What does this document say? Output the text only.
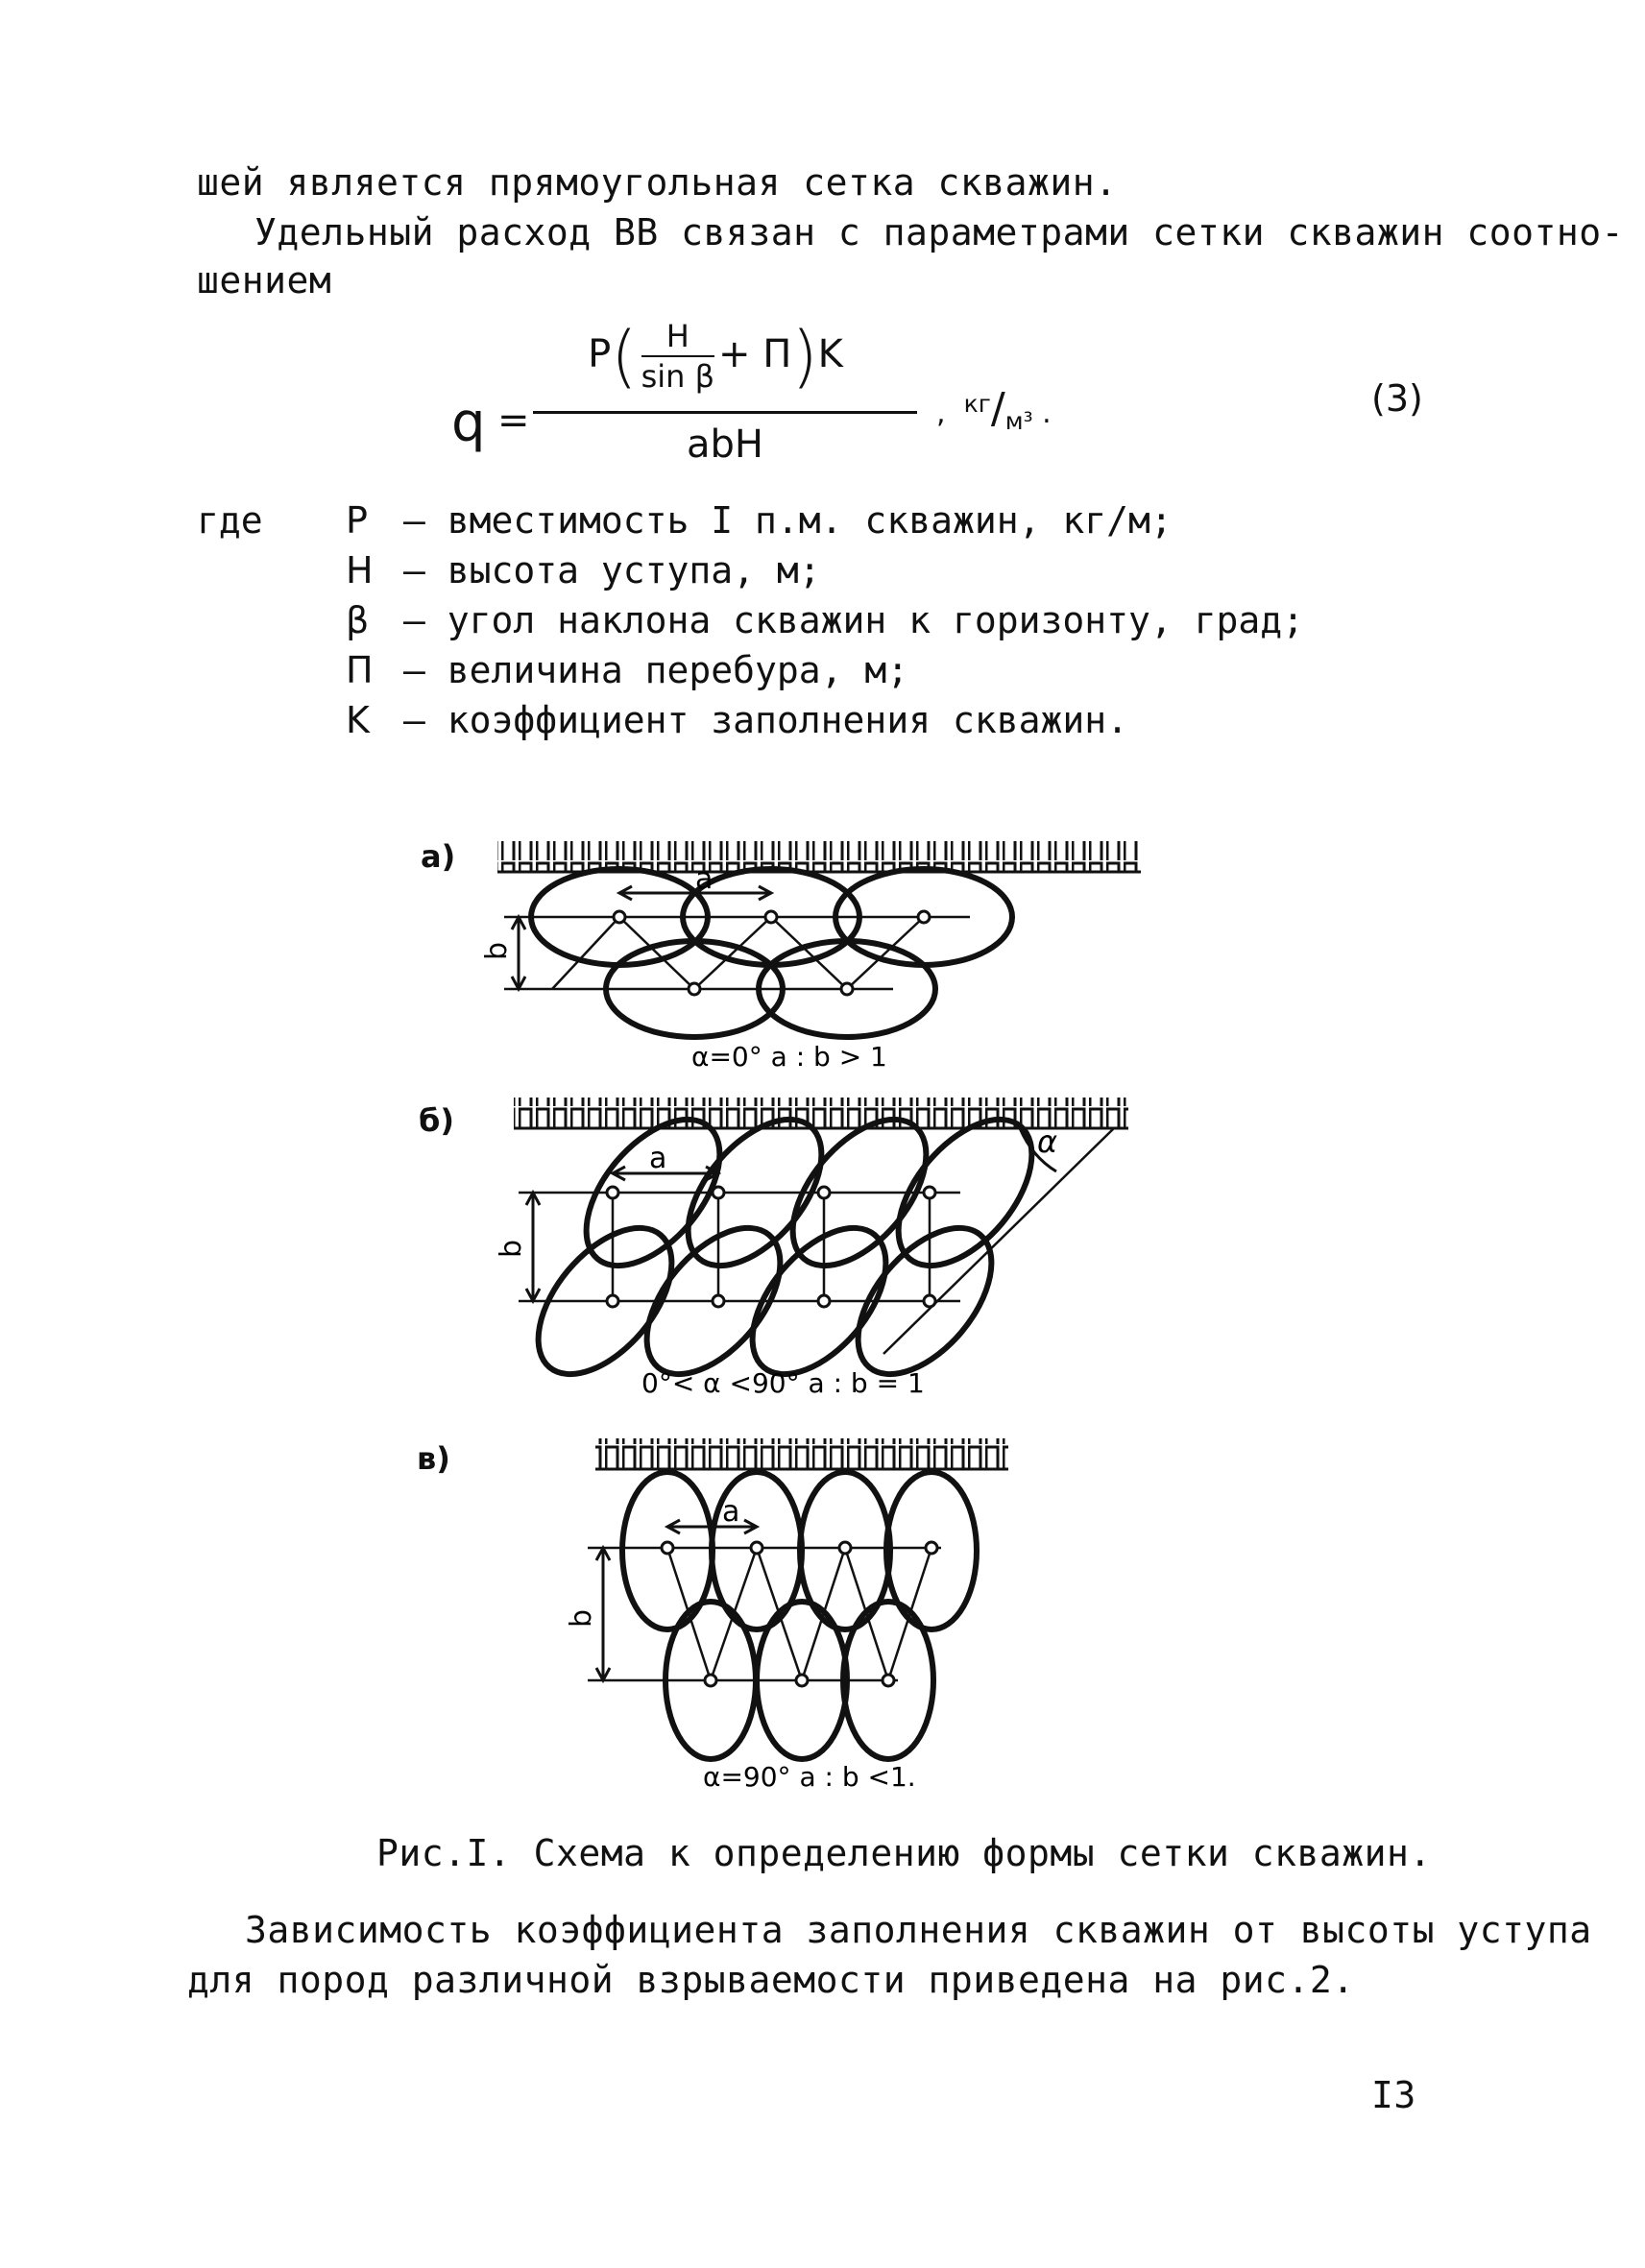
шей является прямоугольная сетка скважин.
Удельный расход ВВ связан с параметрами сетки скважин соотно-
шением
q =
$P( \frac{H}{\text{sin β}} + П)K$
abH
, $^{кг}/_{м^3}$ .	(3)
где P – вместимость I п.м. скважин, кг/м;
H – высота уступа, м;
β – угол наклона скважин к горизонту, град;
П – величина перебура, м;
K – коэффициент заполнения скважин.
а)
б)
в)
a
b
α=0° a : b > 1
a
b
α
0°< α <90° a : b = 1
a
b
α=90° a : b <1.
Рис.I. Схема к определению формы сетки скважин.
Зависимость коэффициента заполнения скважин от высоты уступа
для пород различной взрываемости приведена на рис.2.
I3
